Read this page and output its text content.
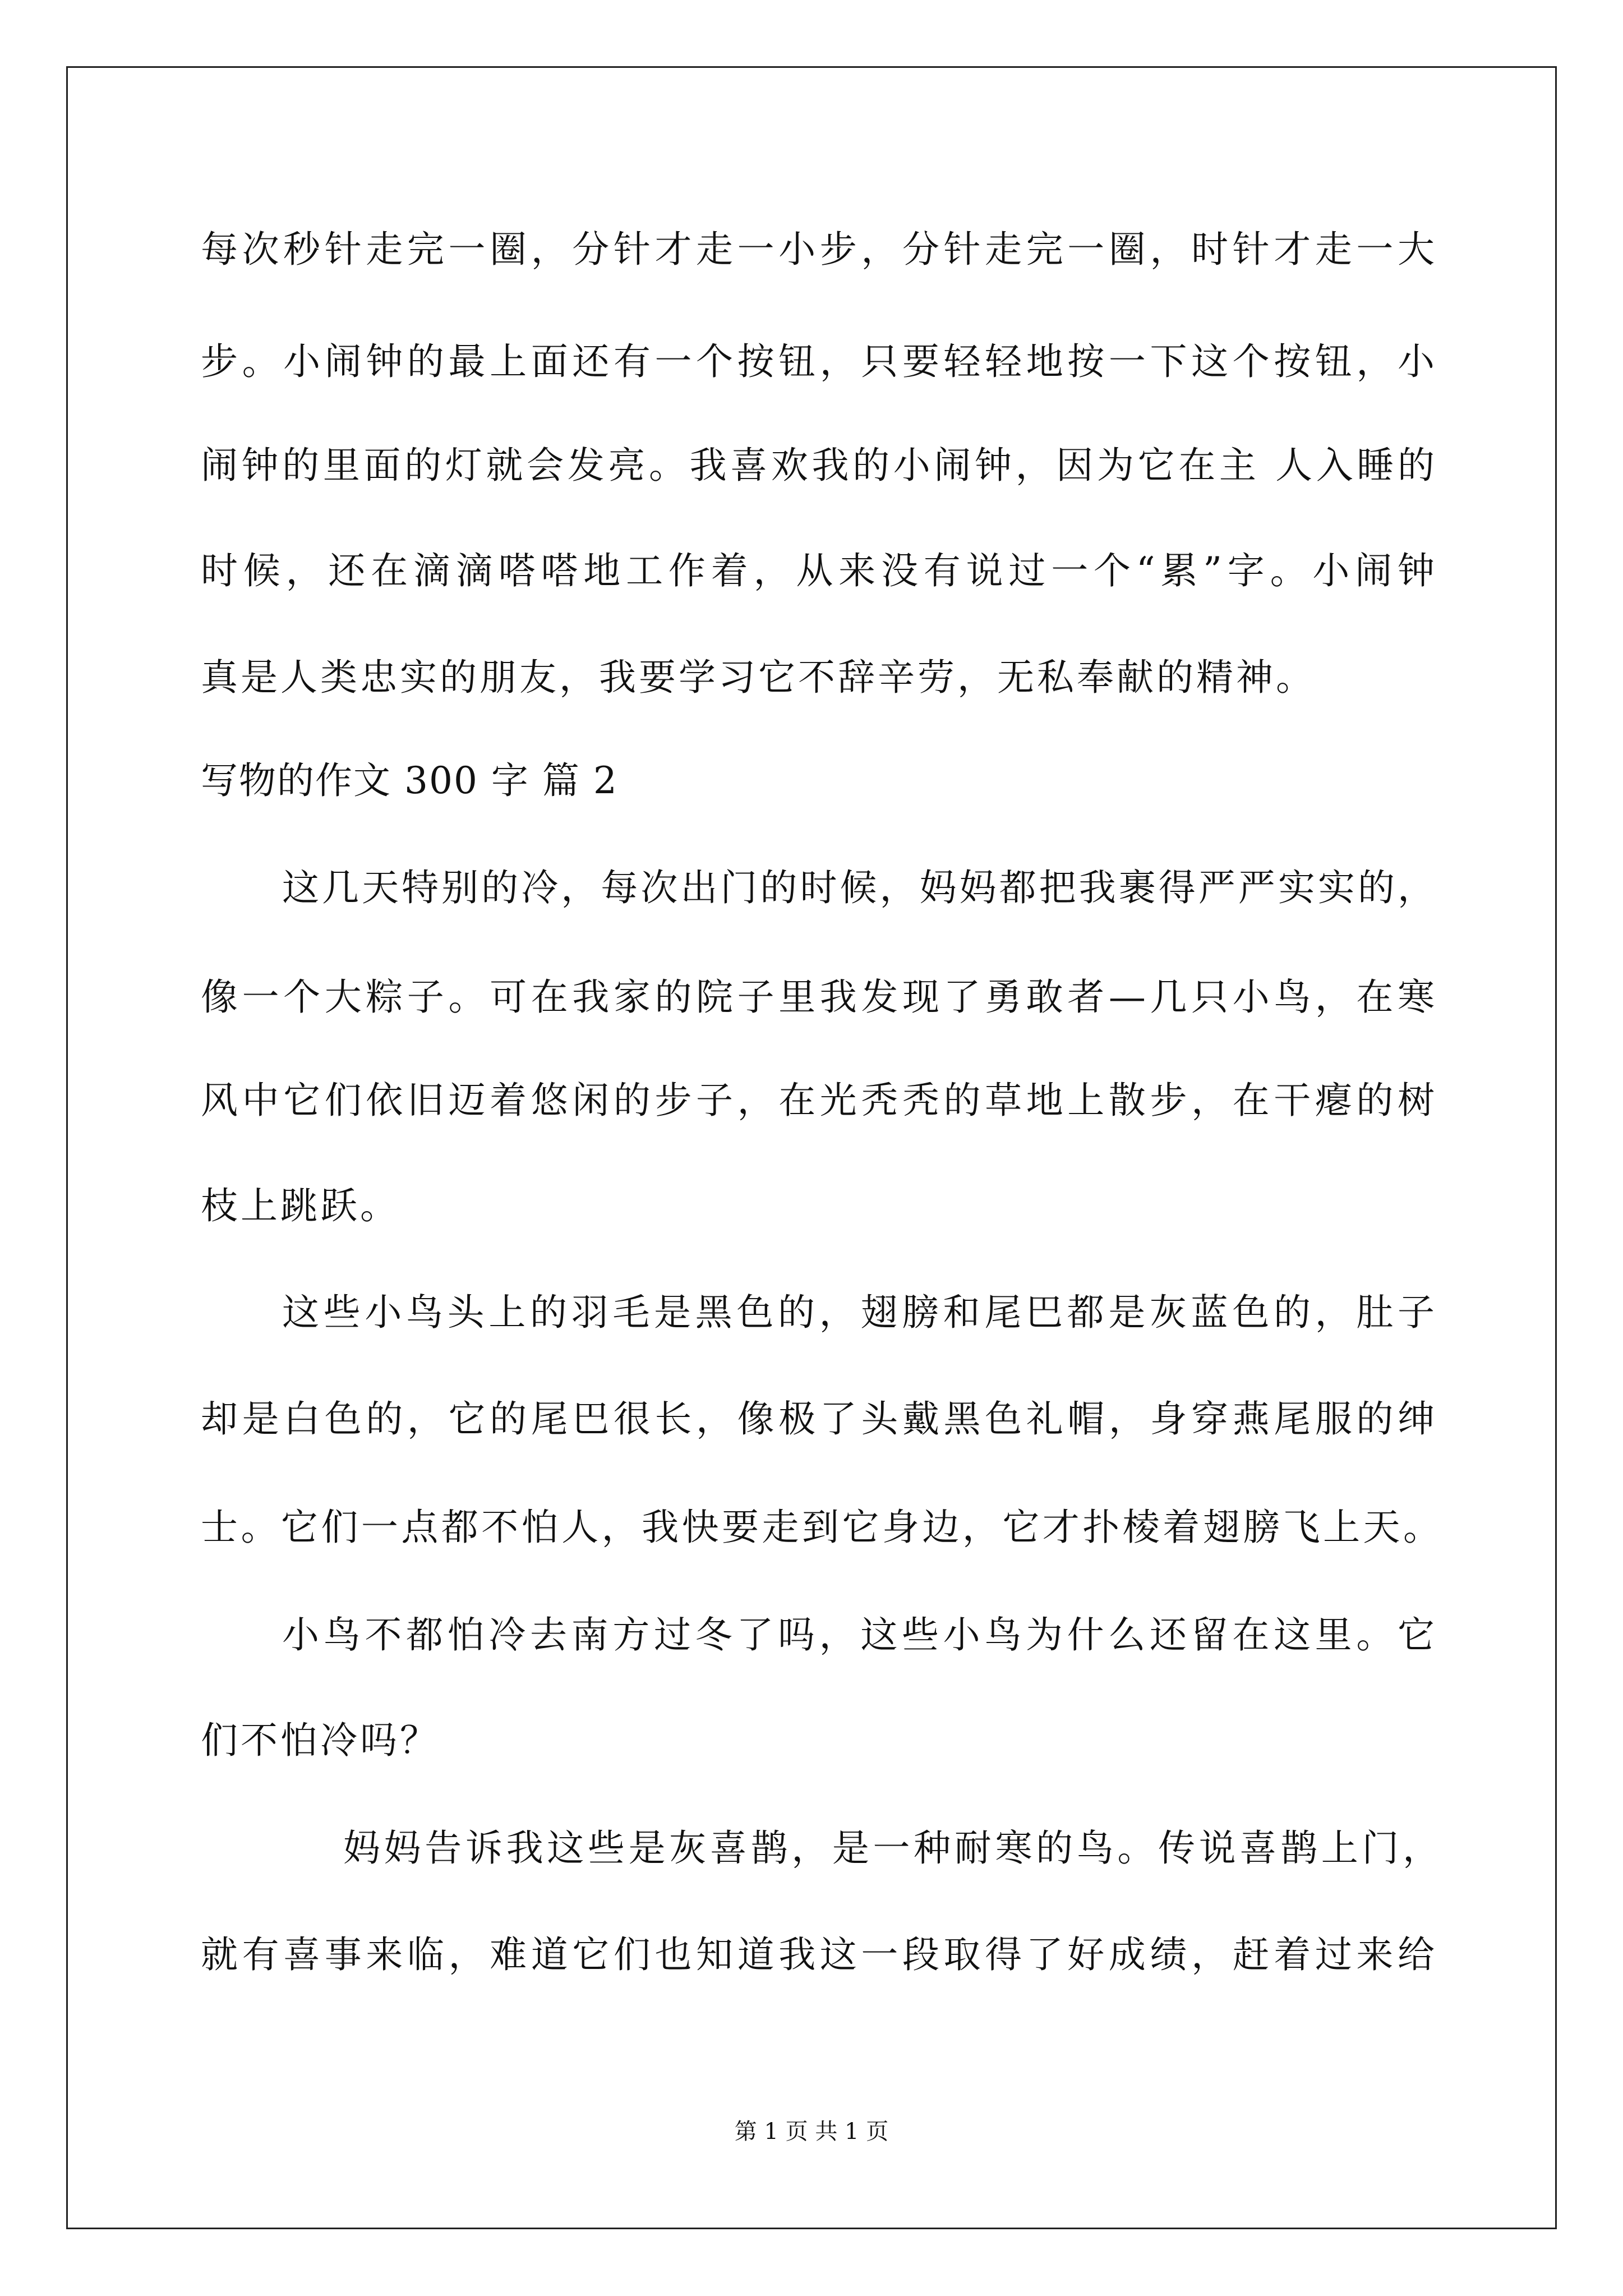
每次秒针走完一圈，分针才走一小步，分针走完一圈，时针才走一大
步。小闹钟的最上面还有一个按钮，只要轻轻地按一下这个按钮，小
闹钟的里面的灯就会发亮。我喜欢我的小闹钟，因为它在主 人入睡的
时候，还在滴滴嗒嗒地工作着，从来没有说过一个“累”字。小闹钟
真是人类忠实的朋友，我要学习它不辞辛劳，无私奉献的精神。
写物的作文 300 字 篇 2
这几天特别的冷，每次出门的时候，妈妈都把我裹得严严实实的，
像一个大粽子。可在我家的院子里我发现了勇敢者—几只小鸟，在寒
风中它们依旧迈着悠闲的步子，在光秃秃的草地上散步，在干瘪的树
枝上跳跃。
这些小鸟头上的羽毛是黑色的，翅膀和尾巴都是灰蓝色的，肚子
却是白色的，它的尾巴很长，像极了头戴黑色礼帽，身穿燕尾服的绅
士。它们一点都不怕人，我快要走到它身边，它才扑棱着翅膀飞上天。
小鸟不都怕冷去南方过冬了吗，这些小鸟为什么还留在这里。它
们不怕冷吗？
妈妈告诉我这些是灰喜鹊，是一种耐寒的鸟。传说喜鹊上门，
就有喜事来临，难道它们也知道我这一段取得了好成绩，赶着过来给
第 1 页 共 1 页
